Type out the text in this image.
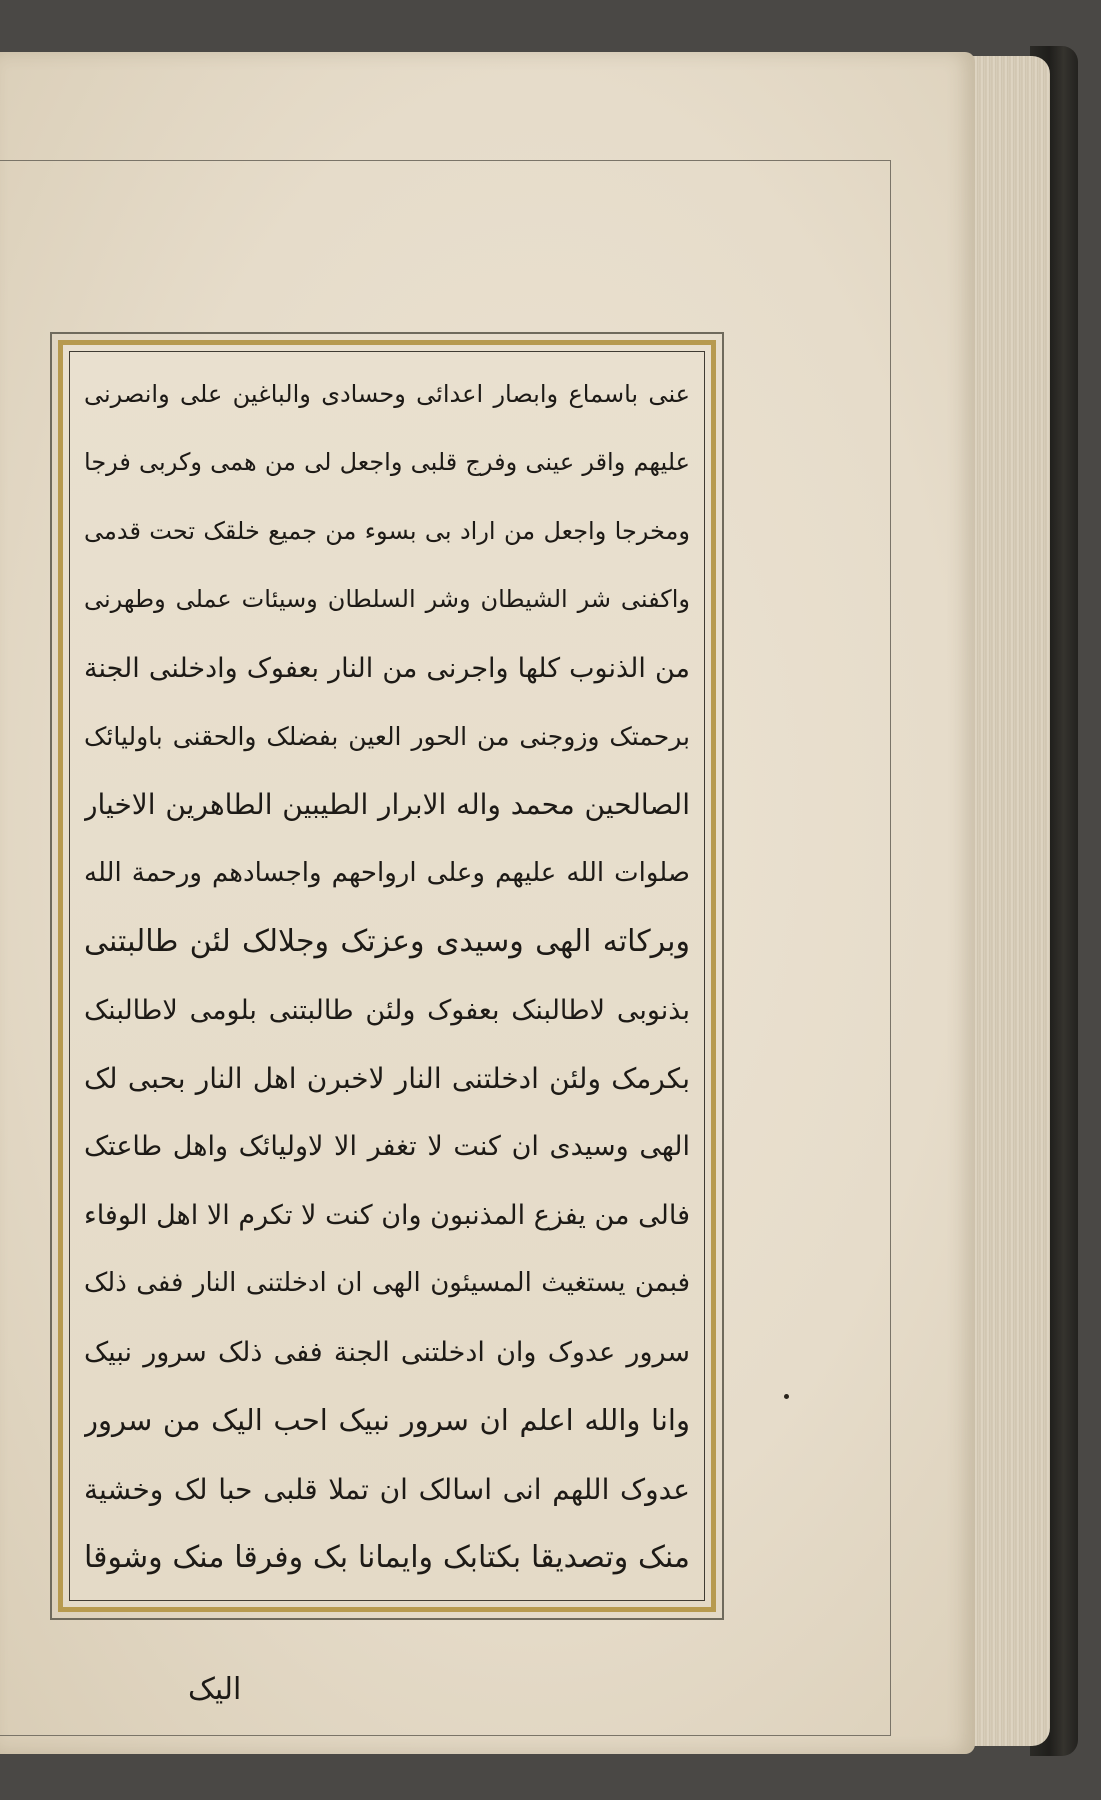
عنی باسماع وابصار اعدائی وحسادی والباغین علی وانصرنی
علیهم واقر عینی وفرج قلبی واجعل لی من همی وکربی فرجا
ومخرجا واجعل من اراد بی بسوء من جمیع خلقک تحت قدمی
واکفنی شر الشیطان وشر السلطان وسیئات عملی وطهرنی
من الذنوب کلها واجرنی من النار بعفوک وادخلنی الجنة
برحمتک وزوجنی من الحور العین بفضلک والحقنی باولیائک
الصالحین محمد واله الابرار الطیبین الطاهرین الاخیار
صلوات الله علیهم وعلی ارواحهم واجسادهم ورحمة الله
وبرکاته الهی وسیدی وعزتک وجلالک لئن طالبتنی
بذنوبی لاطالبنک بعفوک ولئن طالبتنی بلومی لاطالبنک
بکرمک ولئن ادخلتنی النار لاخبرن اهل النار بحبی لک
الهی وسیدی ان کنت لا تغفر الا لاولیائک واهل طاعتک
فالی من یفزع المذنبون وان کنت لا تکرم الا اهل الوفاء
فبمن یستغیث المسیئون الهی ان ادخلتنی النار ففی ذلک
سرور عدوک وان ادخلتنی الجنة ففی ذلک سرور نبیک
وانا والله اعلم ان سرور نبیک احب الیک من سرور
عدوک اللهم انی اسالک ان تملا قلبی حبا لک وخشیة
منک وتصدیقا بکتابک وایمانا بک وفرقا منک وشوقا
الیک
